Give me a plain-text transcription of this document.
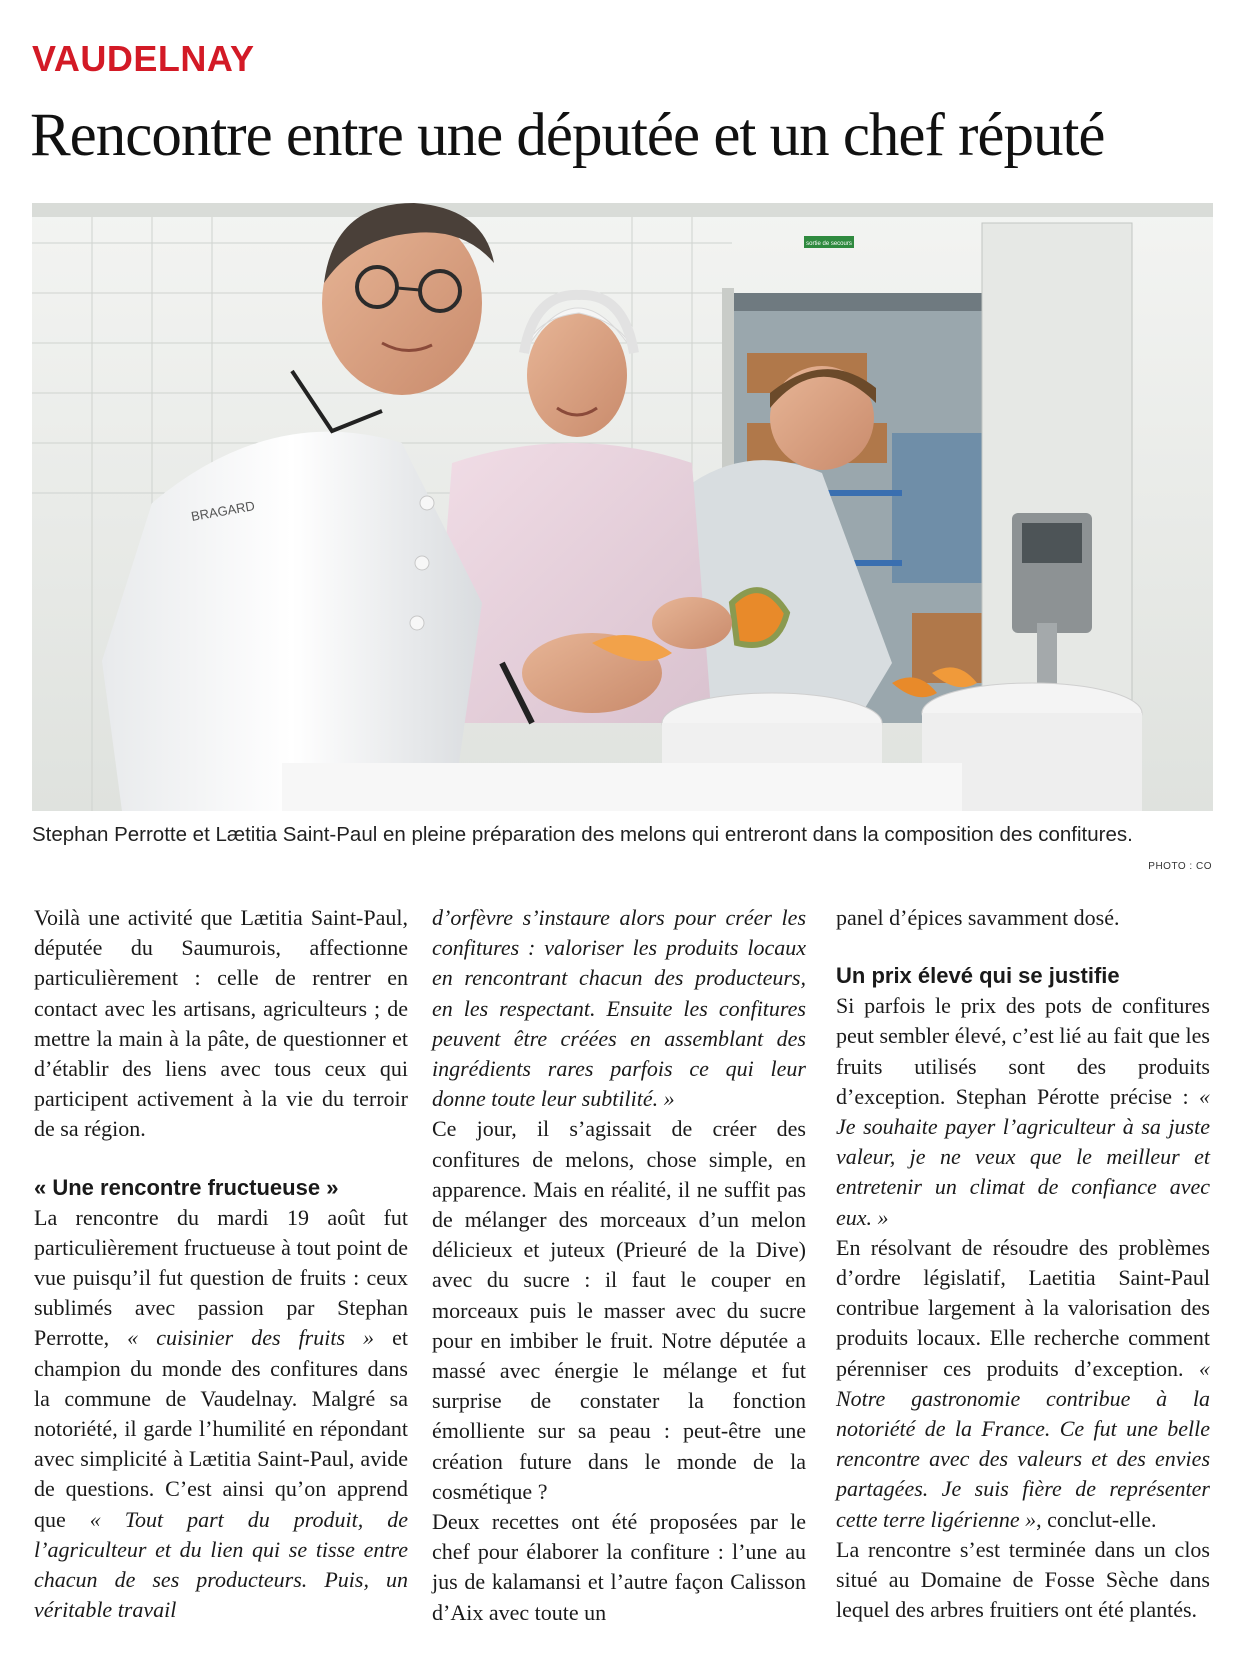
VAUDELNAY
Rencontre entre une députée et un chef réputé
sortie de secours
BRAGARD
Stephan Perrotte et Lætitia Saint-Paul en pleine préparation des melons qui entreront dans la composition des confitures.
PHOTO : CO

Voilà une activité que Lætitia Saint-Paul, députée du Saumurois, affectionne particulièrement : celle de rentrer en contact avec les artisans, agriculteurs ; de mettre la main à la pâte, de questionner et d’établir des liens avec tous ceux qui participent activement à la vie du terroir de sa région.

« Une rencontre fructueuse »

La rencontre du mardi 19 août fut particulièrement fructueuse à tout point de vue puisqu’il fut question de fruits : ceux sublimés avec passion par Stephan Perrotte, « cuisinier des fruits » et champion du monde des confitures dans la commune de Vaudelnay. Malgré sa notoriété, il garde l’humilité en répondant avec simplicité à Lætitia Saint-Paul, avide de questions. C’est ainsi qu’on apprend que « Tout part du produit, de l’agriculteur et du lien qui se tisse entre chacun de ses producteurs. Puis, un véritable travail

d’orfèvre s’instaure alors pour créer les confitures : valoriser les produits locaux en rencontrant chacun des producteurs, en les respectant. Ensuite les confitures peuvent être créées en assemblant des ingrédients rares parfois ce qui leur donne toute leur subtilité. »

Ce jour, il s’agissait de créer des confitures de melons, chose simple, en apparence. Mais en réalité, il ne suffit pas de mélanger des morceaux d’un melon délicieux et juteux (Prieuré de la Dive) avec du sucre : il faut le couper en morceaux puis le masser avec du sucre pour en imbiber le fruit. Notre députée a massé avec énergie le mélange et fut surprise de constater la fonction émolliente sur sa peau : peut-être une création future dans le monde de la cosmétique ?

Deux recettes ont été proposées par le chef pour élaborer la confiture : l’une au jus de kalamansi et l’autre façon Calisson d’Aix avec toute un

panel d’épices savamment dosé.

Un prix élevé qui se justifie

Si parfois le prix des pots de confitures peut sembler élevé, c’est lié au fait que les fruits utilisés sont des produits d’exception. Stephan Pérotte précise : « Je souhaite payer l’agriculteur à sa juste valeur, je ne veux que le meilleur et entretenir un climat de confiance avec eux. »

En résolvant de résoudre des problèmes d’ordre législatif, Laetitia Saint-Paul contribue largement à la valorisation des produits locaux. Elle recherche comment pérenniser ces produits d’exception. « Notre gastronomie contribue à la notoriété de la France. Ce fut une belle rencontre avec des valeurs et des envies partagées. Je suis fière de représenter cette terre ligérienne », conclut-elle.

La rencontre s’est terminée dans un clos situé au Domaine de Fosse Sèche dans lequel des arbres fruitiers ont été plantés.
